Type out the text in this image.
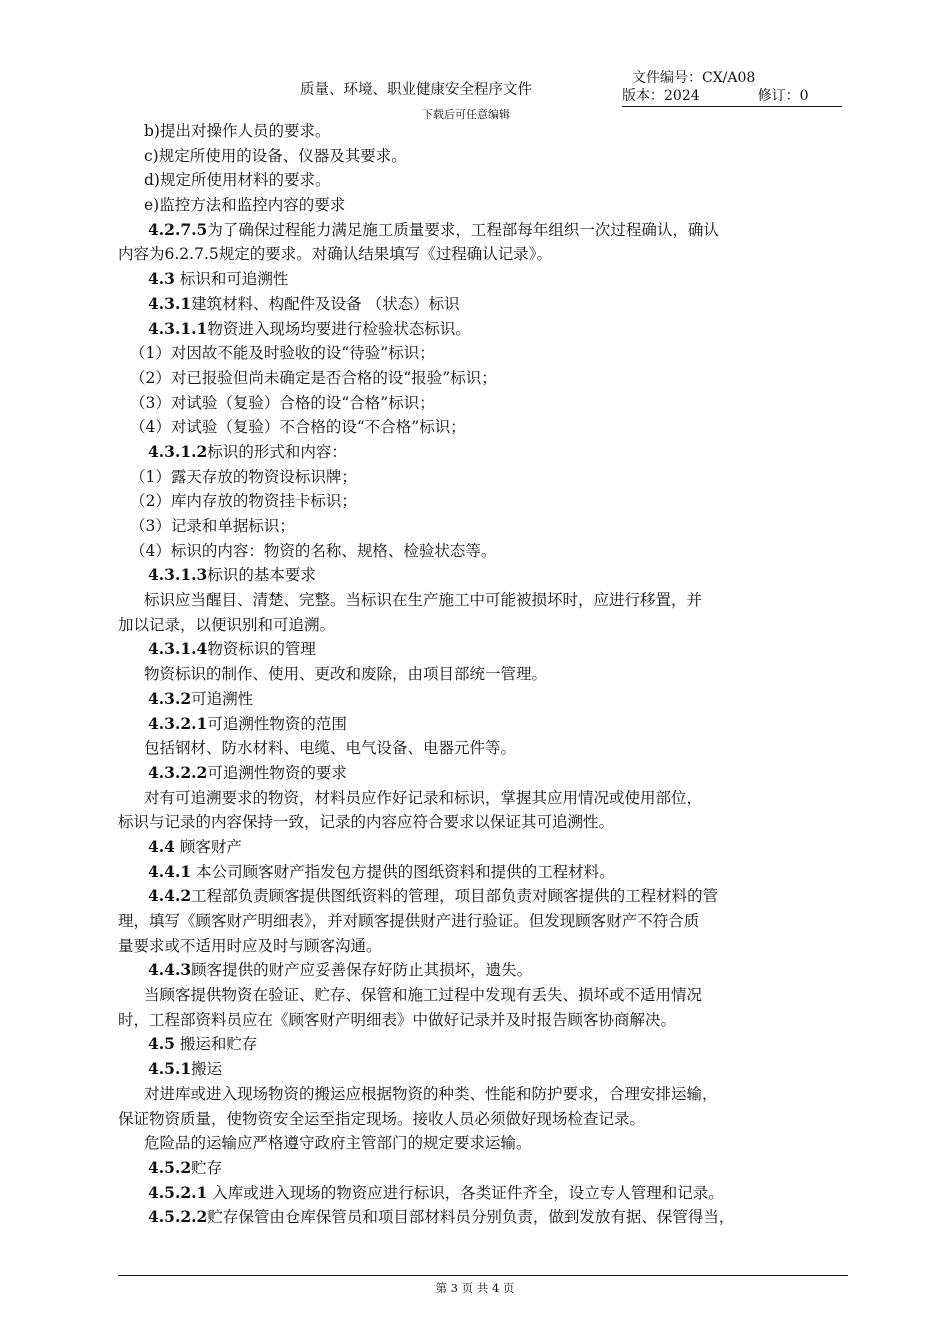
质量、环境、职业健康安全程序文件
下载后可任意编辑
文件编号：CX/A08
版本：2024	修订：0
b)提出对操作人员的要求。
c)规定所使用的设备、仪器及其要求。
d)规定所使用材料的要求。
e)监控方法和监控内容的要求
4.2.7.5为了确保过程能力满足施工质量要求，工程部每年组织一次过程确认，确认
内容为6.2.7.5规定的要求。对确认结果填写《过程确认记录》。
4.3 标识和可追溯性
4.3.1建筑材料、构配件及设备 （状态）标识
4.3.1.1物资进入现场均要进行检验状态标识。
（1）对因故不能及时验收的设“待验”标识；
（2）对已报验但尚未确定是否合格的设“报验”标识；
（3）对试验（复验）合格的设“合格”标识；
（4）对试验（复验）不合格的设“不合格”标识；
4.3.1.2标识的形式和内容：
（1）露天存放的物资设标识牌；
（2）库内存放的物资挂卡标识；
（3）记录和单据标识；
（4）标识的内容：物资的名称、规格、检验状态等。
4.3.1.3标识的基本要求
标识应当醒目、清楚、完整。当标识在生产施工中可能被损坏时，应进行移置，并
加以记录，以便识别和可追溯。
4.3.1.4物资标识的管理
物资标识的制作、使用、更改和废除，由项目部统一管理。
4.3.2可追溯性
4.3.2.1可追溯性物资的范围
包括钢材、防水材料、电缆、电气设备、电器元件等。
4.3.2.2可追溯性物资的要求
对有可追溯要求的物资，材料员应作好记录和标识，掌握其应用情况或使用部位，
标识与记录的内容保持一致，记录的内容应符合要求以保证其可追溯性。
4.4 顾客财产
4.4.1 本公司顾客财产指发包方提供的图纸资料和提供的工程材料。
4.4.2工程部负责顾客提供图纸资料的管理，项目部负责对顾客提供的工程材料的管
理，填写《顾客财产明细表》，并对顾客提供财产进行验证。但发现顾客财产不符合质
量要求或不适用时应及时与顾客沟通。
4.4.3顾客提供的财产应妥善保存好防止其损坏，遗失。
当顾客提供物资在验证、贮存、保管和施工过程中发现有丢失、损坏或不适用情况
时，工程部资料员应在《顾客财产明细表》中做好记录并及时报告顾客协商解决。
4.5 搬运和贮存
4.5.1搬运
对进库或进入现场物资的搬运应根据物资的种类、性能和防护要求，合理安排运输，
保证物资质量，使物资安全运至指定现场。接收人员必须做好现场检查记录。
危险品的运输应严格遵守政府主管部门的规定要求运输。
4.5.2贮存
4.5.2.1 入库或进入现场的物资应进行标识，各类证件齐全，设立专人管理和记录。
4.5.2.2贮存保管由仓库保管员和项目部材料员分别负责，做到发放有据、保管得当，
第 3 页 共 4 页
